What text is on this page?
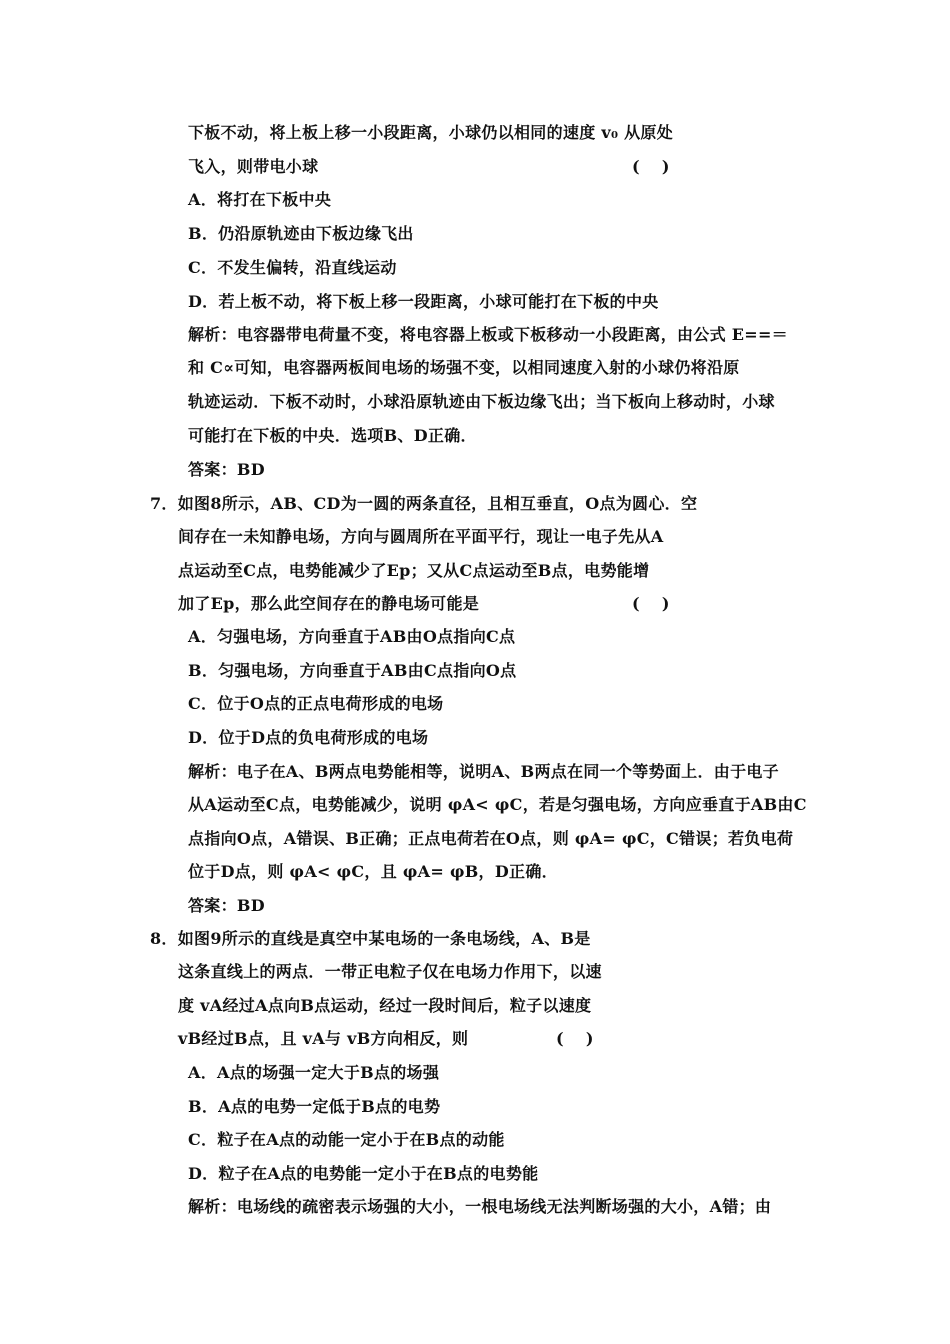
下板不动，将上板上移一小段距离，小球仍以相同的速度 v₀ 从原处
飞入，则带电小球	(    )
A．将打在下板中央
B．仍沿原轨迹由下板边缘飞出
C．不发生偏转，沿直线运动
D．若上板不动，将下板上移一段距离，小球可能打在下板的中央
解析：电容器带电荷量不变，将电容器上板或下板移动一小段距离，由公式 E==＝
和 C∝可知，电容器两板间电场的场强不变，以相同速度入射的小球仍将沿原
轨迹运动．下板不动时，小球沿原轨迹由下板边缘飞出；当下板向上移动时，小球
可能打在下板的中央．选项B、D正确．
答案：BD
7．如图8所示，AB、CD为一圆的两条直径，且相互垂直，O点为圆心．空
间存在一未知静电场，方向与圆周所在平面平行，现让一电子先从A
点运动至C点，电势能减少了Ep；又从C点运动至B点，电势能增
加了Ep，那么此空间存在的静电场可能是	(    )
A．匀强电场，方向垂直于AB由O点指向C点
B．匀强电场，方向垂直于AB由C点指向O点
C．位于O点的正点电荷形成的电场
D．位于D点的负电荷形成的电场
解析：电子在A、B两点电势能相等，说明A、B两点在同一个等势面上．由于电子
从A运动至C点，电势能减少，说明 φA< φC，若是匀强电场，方向应垂直于AB由C
点指向O点，A错误、B正确；正点电荷若在O点，则 φA= φC，C错误；若负电荷
位于D点，则 φA< φC，且 φA= φB，D正确．
答案：BD
8．如图9所示的直线是真空中某电场的一条电场线，A、B是
这条直线上的两点．一带正电粒子仅在电场力作用下，以速
度 vA经过A点向B点运动，经过一段时间后，粒子以速度
vB经过B点，且 vA与 vB方向相反，则	(    )
A．A点的场强一定大于B点的场强
B．A点的电势一定低于B点的电势
C．粒子在A点的动能一定小于在B点的动能
D．粒子在A点的电势能一定小于在B点的电势能
解析：电场线的疏密表示场强的大小，一根电场线无法判断场强的大小，A错；由
